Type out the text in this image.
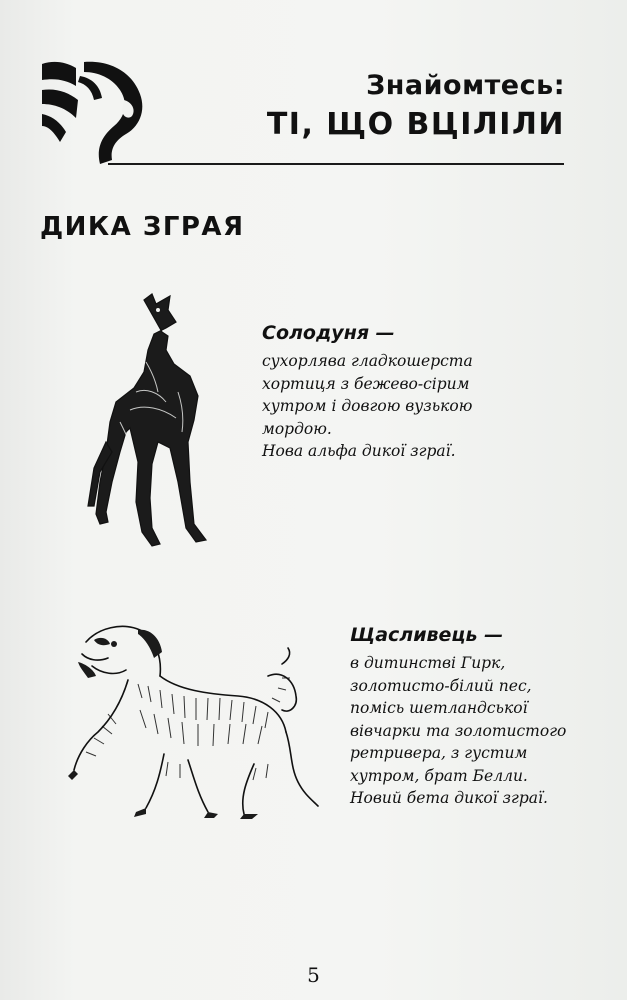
Знайомтесь:
ТІ, ЩО ВЦІЛІЛИ
ДИКА ЗГРАЯ
Солодуня —
сухорлява гладкошерста
хортиця з бежево-сірим
хутром і довгою вузькою
мордою.
Нова альфа дикої зграї.
Щасливець —
в дитинстві Гирк,
золотисто-білий пес,
помісь шетландської
вівчарки та золотистого
ретривера, з густим
хутром, брат Белли.
Новий бета дикої зграї.
5
